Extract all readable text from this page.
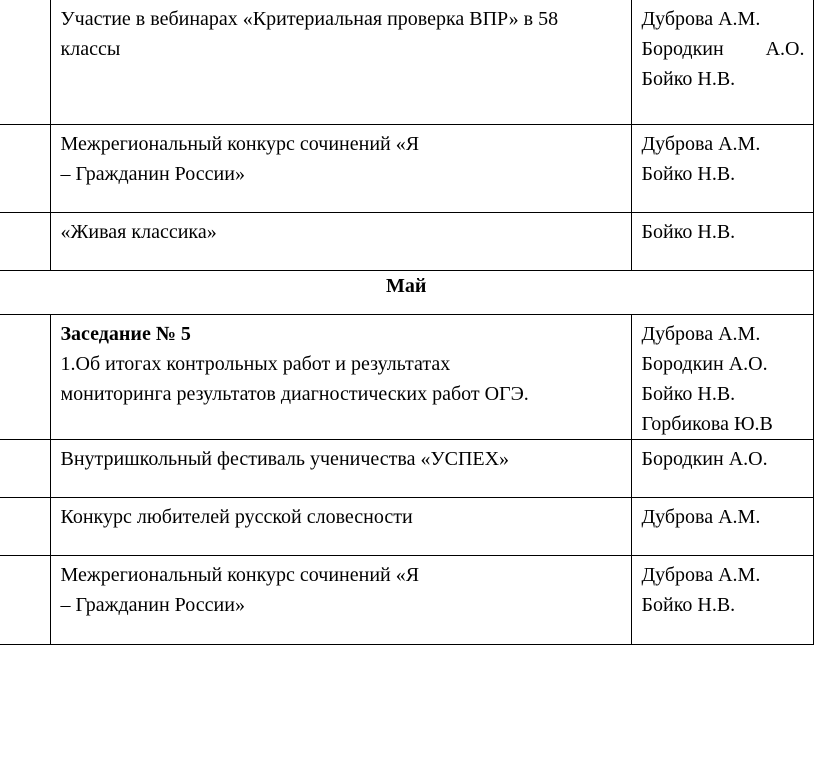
	Участие в вебинарах «Критериальная проверка ВПР» в 58
классы	Дуброва А.М.
Бородкин А.О.
Бойко Н.В.

	Межрегиональный конкурс сочинений «Я
– Гражданин России»	Дуброва А.М.
Бойко Н.В.

	«Живая классика»	Бойко Н.В.

Май		

	Заседание № 5
1.Об итогах контрольных работ и результатах
мониторинга результатов диагностических работ ОГЭ.	Дуброва А.М.
Бородкин А.О.
Бойко Н.В.
Горбикова Ю.В

	Внутришкольный фестиваль ученичества «УСПЕХ»	Бородкин А.О.

	Конкурс любителей русской словесности	Дуброва А.М.

	Межрегиональный конкурс сочинений «Я
– Гражданин России»	Дуброва А.М.
Бойко Н.В.
